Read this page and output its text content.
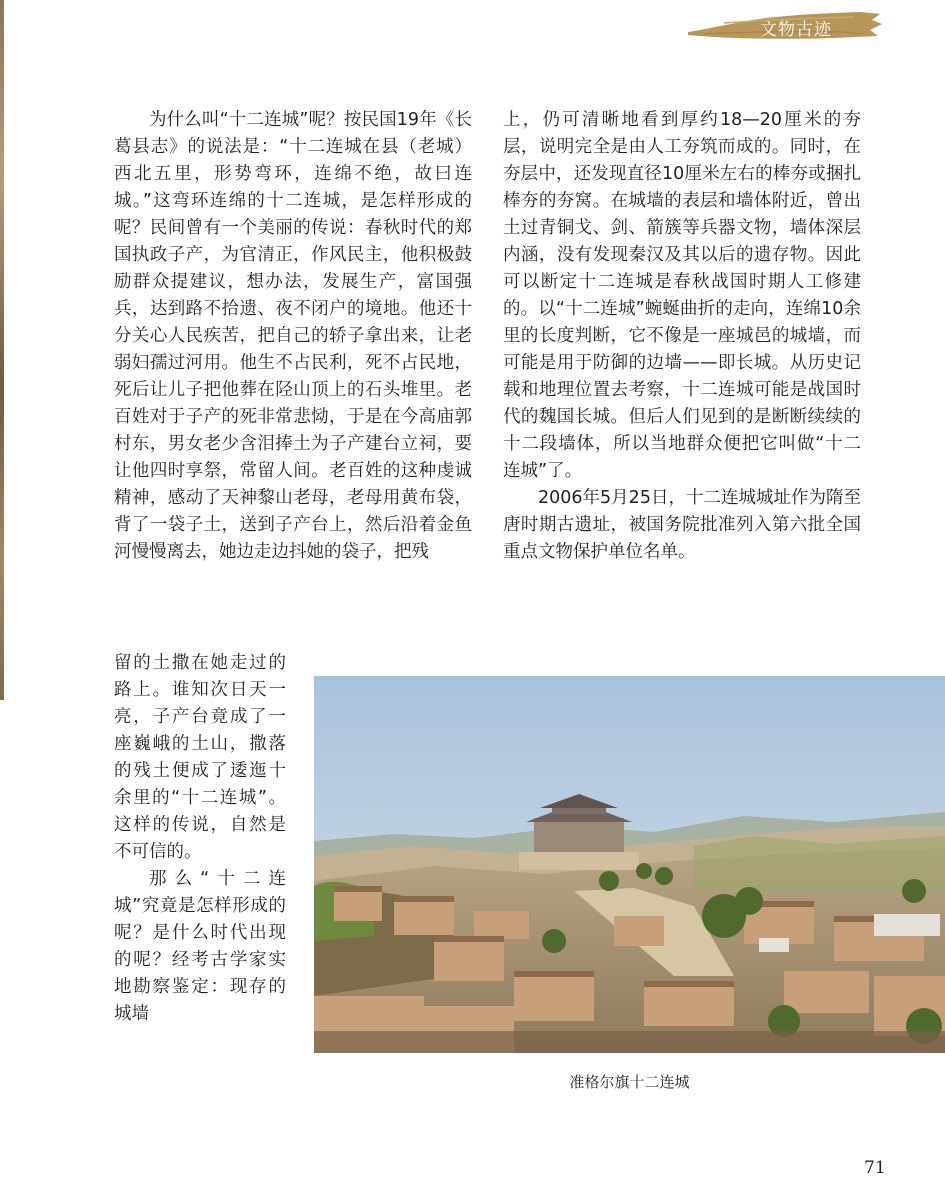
文物古迹

为什么叫“十二连城”呢？按民国19年《长葛县志》的说法是：“十二连城在县（老城）西北五里，形势弯环，连绵不绝，故曰连城。”这弯环连绵的十二连城，是怎样形成的呢？民间曾有一个美丽的传说：春秋时代的郑国执政子产，为官清正，作风民主，他积极鼓励群众提建议，想办法，发展生产，富国强兵，达到路不拾遗、夜不闭户的境地。他还十分关心人民疾苦，把自己的轿子拿出来，让老弱妇孺过河用。他生不占民利，死不占民地，死后让儿子把他葬在陉山顶上的石头堆里。老百姓对于子产的死非常悲恸，于是在今高庙郭村东，男女老少含泪捧土为子产建台立祠，要让他四时享祭，常留人间。老百姓的这种虔诚精神，感动了天神黎山老母，老母用黄布袋，背了一袋子土，送到子产台上，然后沿着金鱼河慢慢离去，她边走边抖她的袋子，把残

留的土撒在她走过的路上。谁知次日天一亮，子产台竟成了一座巍峨的土山，撒落的残土便成了逶迤十余里的“十二连城”。这样的传说，自然是不可信的。

那么“十二连城”究竟是怎样形成的呢？是什么时代出现的呢？经考古学家实地勘察鉴定：现存的城墙

上，仍可清晰地看到厚约18—20厘米的夯层，说明完全是由人工夯筑而成的。同时，在夯层中，还发现直径10厘米左右的棒夯或捆扎棒夯的夯窝。在城墙的表层和墙体附近，曾出土过青铜戈、剑、箭簇等兵器文物，墙体深层内涵，没有发现秦汉及其以后的遗存物。因此可以断定十二连城是春秋战国时期人工修建的。以“十二连城”蜿蜒曲折的走向，连绵10余里的长度判断，它不像是一座城邑的城墙，而可能是用于防御的边墙——即长城。从历史记载和地理位置去考察，十二连城可能是战国时代的魏国长城。但后人们见到的是断断续续的十二段墙体，所以当地群众便把它叫做“十二连城”了。

2006年5月25日，十二连城城址作为隋至唐时期古遗址，被国务院批准列入第六批全国重点文物保护单位名单。

准格尔旗十二连城
71
